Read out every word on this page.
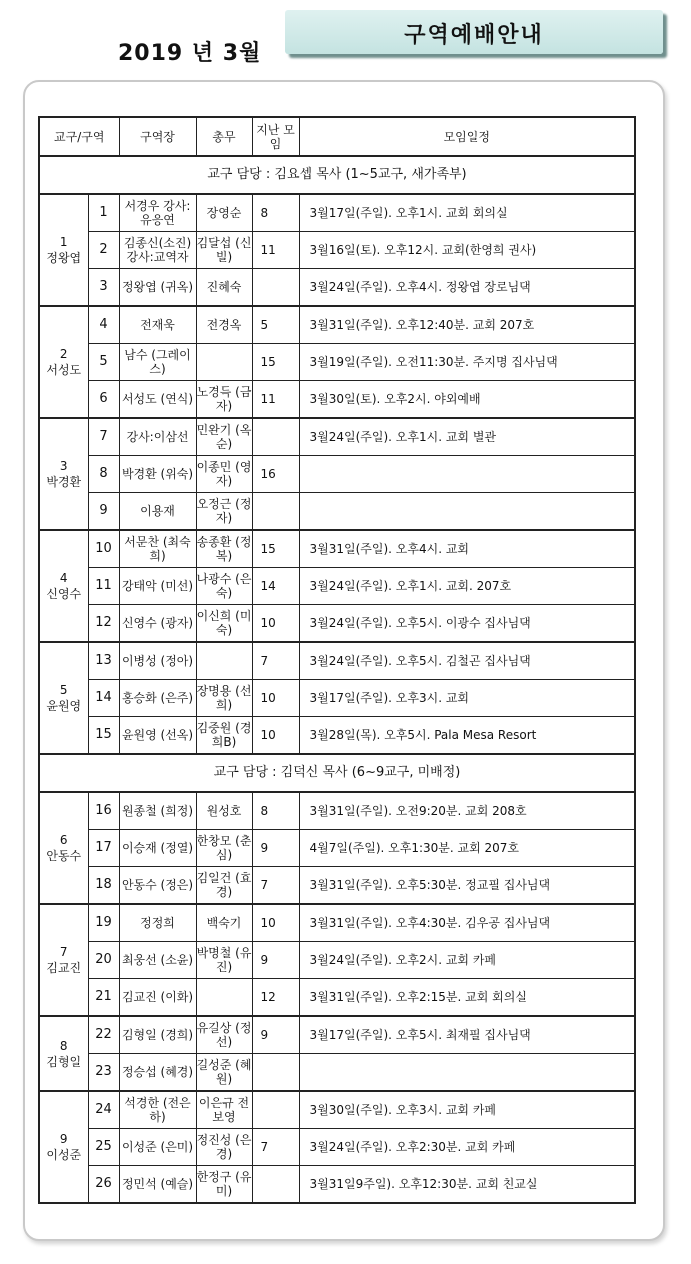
2019 년 3월
구역예배안내
교구/구역		구역장	총무	지난 모임	모임일정
교구 담당 : 김요셉 목사 (1~5교구, 새가족부)					

1
정왕엽	1	서경우 강사:유응연	장영순	8	3월17일(주일). 오후1시. 교회 회의실
	2	김종신(소진) 강사:교역자	김달섭 (신빌)	11	3월16일(토). 오후12시. 교회(한영희 권사)
	3	정왕엽 (귀옥)	진혜숙		3월24일(주일). 오후4시. 정왕엽 장로님댁

2
서성도	4	전재욱	전경옥	5	3월31일(주일). 오후12:40분. 교회 207호
	5	남수 (그레이스)		15	3월19일(주일). 오전11:30분. 주지명 집사님댁
	6	서성도 (연식)	노경득 (금자)	11	3월30일(토). 오후2시. 야외예배

3
박경환	7	강사:이삼선	민완기 (옥순)		3월24일(주일). 오후1시. 교회 별관
	8	박경환 (위숙)	이종민 (영자)	16	
	9	이용재	오정근 (정자)		

4
신영수	10	서문찬 (최숙희)	송종환 (정복)	15	3월31일(주일). 오후4시. 교회
	11	강태악 (미선)	나광수 (은숙)	14	3월24일(주일). 오후1시. 교회. 207호
	12	신영수 (광자)	이신희 (미숙)	10	3월24일(주일). 오후5시. 이광수 집사님댁

5
윤원영	13	이병성 (정아)		7	3월24일(주일). 오후5시. 김철곤 집사님댁
	14	홍승화 (은주)	장명용 (선희)	10	3월17일(주일). 오후3시. 교회
	15	윤원영 (선옥)	김중원 (경희B)	10	3월28일(목). 오후5시. Pala Mesa Resort
교구 담당 : 김덕신 목사 (6~9교구, 미배정)					

6
안동수	16	원종철 (희정)	원성호	8	3월31일(주일). 오전9:20분. 교회 208호
	17	이승재 (정열)	한창모 (춘심)	9	4월7일(주일). 오후1:30분. 교회 207호
	18	안동수 (정은)	김일건 (효경)	7	3월31일(주일). 오후5:30분. 정교필 집사님댁

7
김교진	19	정정희	백숙기	10	3월31일(주일). 오후4:30분. 김우공 집사님댁
	20	최웅선 (소윤)	박명철 (유진)	9	3월24일(주일). 오후2시. 교회 카페
	21	김교진 (이화)		12	3월31일(주일). 오후2:15분. 교회 회의실

8
김형일	22	김형일 (경희)	유길상 (정선)	9	3월17일(주일). 오후5시. 최재필 집사님댁
	23	정승섭 (혜경)	길성준 (혜원)		

9
이성준	24	석경한 (전은하)	이은규 전보영		3월30일(주일). 오후3시. 교회 카페
	25	이성준 (은미)	정진성 (은경)	7	3월24일(주일). 오후2:30분. 교회 카페
	26	정민석 (예슬)	한정구 (유미)		3월31일9주일). 오후12:30분. 교회 친교실
